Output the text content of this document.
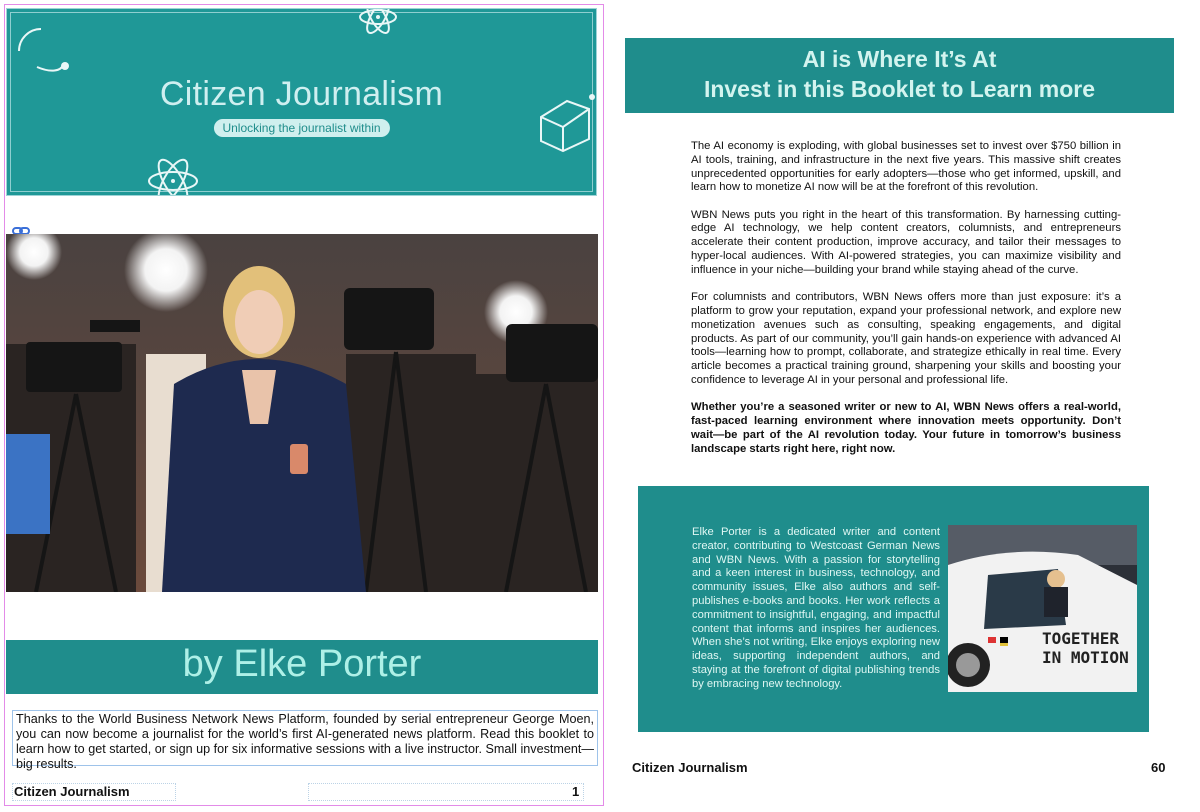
Citizen Journalism
Unlocking the journalist within
by Elke Porter
Thanks to the World Business Network News Platform, founded by serial entrepreneur George Moen, you can now become a journalist for the world’s first AI-generated news platform. Read this booklet to learn how to get started, or sign up for six informative sessions with a live instructor. Small investment—big results.
Citizen Journalism	1
AI is Where It’s At
Invest in this Booklet to Learn more

The AI economy is exploding, with global businesses set to invest over $750 billion in AI tools, training, and infrastructure in the next five years. This massive shift creates unprecedented opportunities for early adopters—those who get informed, upskill, and learn how to monetize AI now will be at the forefront of this revolution.

WBN News puts you right in the heart of this transformation. By harnessing cutting-edge AI technology, we help content creators, columnists, and entrepreneurs accelerate their content production, improve accuracy, and tailor their messages to hyper-local audiences. With AI-powered strategies, you can maximize visibility and influence in your niche—building your brand while staying ahead of the curve.

For columnists and contributors, WBN News offers more than just exposure: it’s a platform to grow your reputation, expand your professional network, and explore new monetization avenues such as consulting, speaking engagements, and digital products. As part of our community, you’ll gain hands-on experience with advanced AI tools—learning how to prompt, collaborate, and strategize ethically in real time. Every article becomes a practical training ground, sharpening your skills and boosting your confidence to leverage AI in your personal and professional life.

Whether you’re a seasoned writer or new to AI, WBN News offers a real-world, fast-paced learning environment where innovation meets opportunity. Don’t wait—be part of the AI revolution today. Your future in tomorrow’s business landscape starts right here, right now.

Elke Porter is a dedicated writer and content creator, contributing to Westcoast German News and WBN News. With a passion for storytelling and a keen interest in business, technology, and community issues, Elke also authors and self-publishes e-books and books. Her work reflects a commitment to insightful, engaging, and impactful content that informs and inspires her audiences. When she’s not writing, Elke enjoys exploring new ideas, supporting independent authors, and staying at the forefront of digital publishing trends by embracing new technology.
TOGETHER
IN MOTION
Citizen Journalism	60
